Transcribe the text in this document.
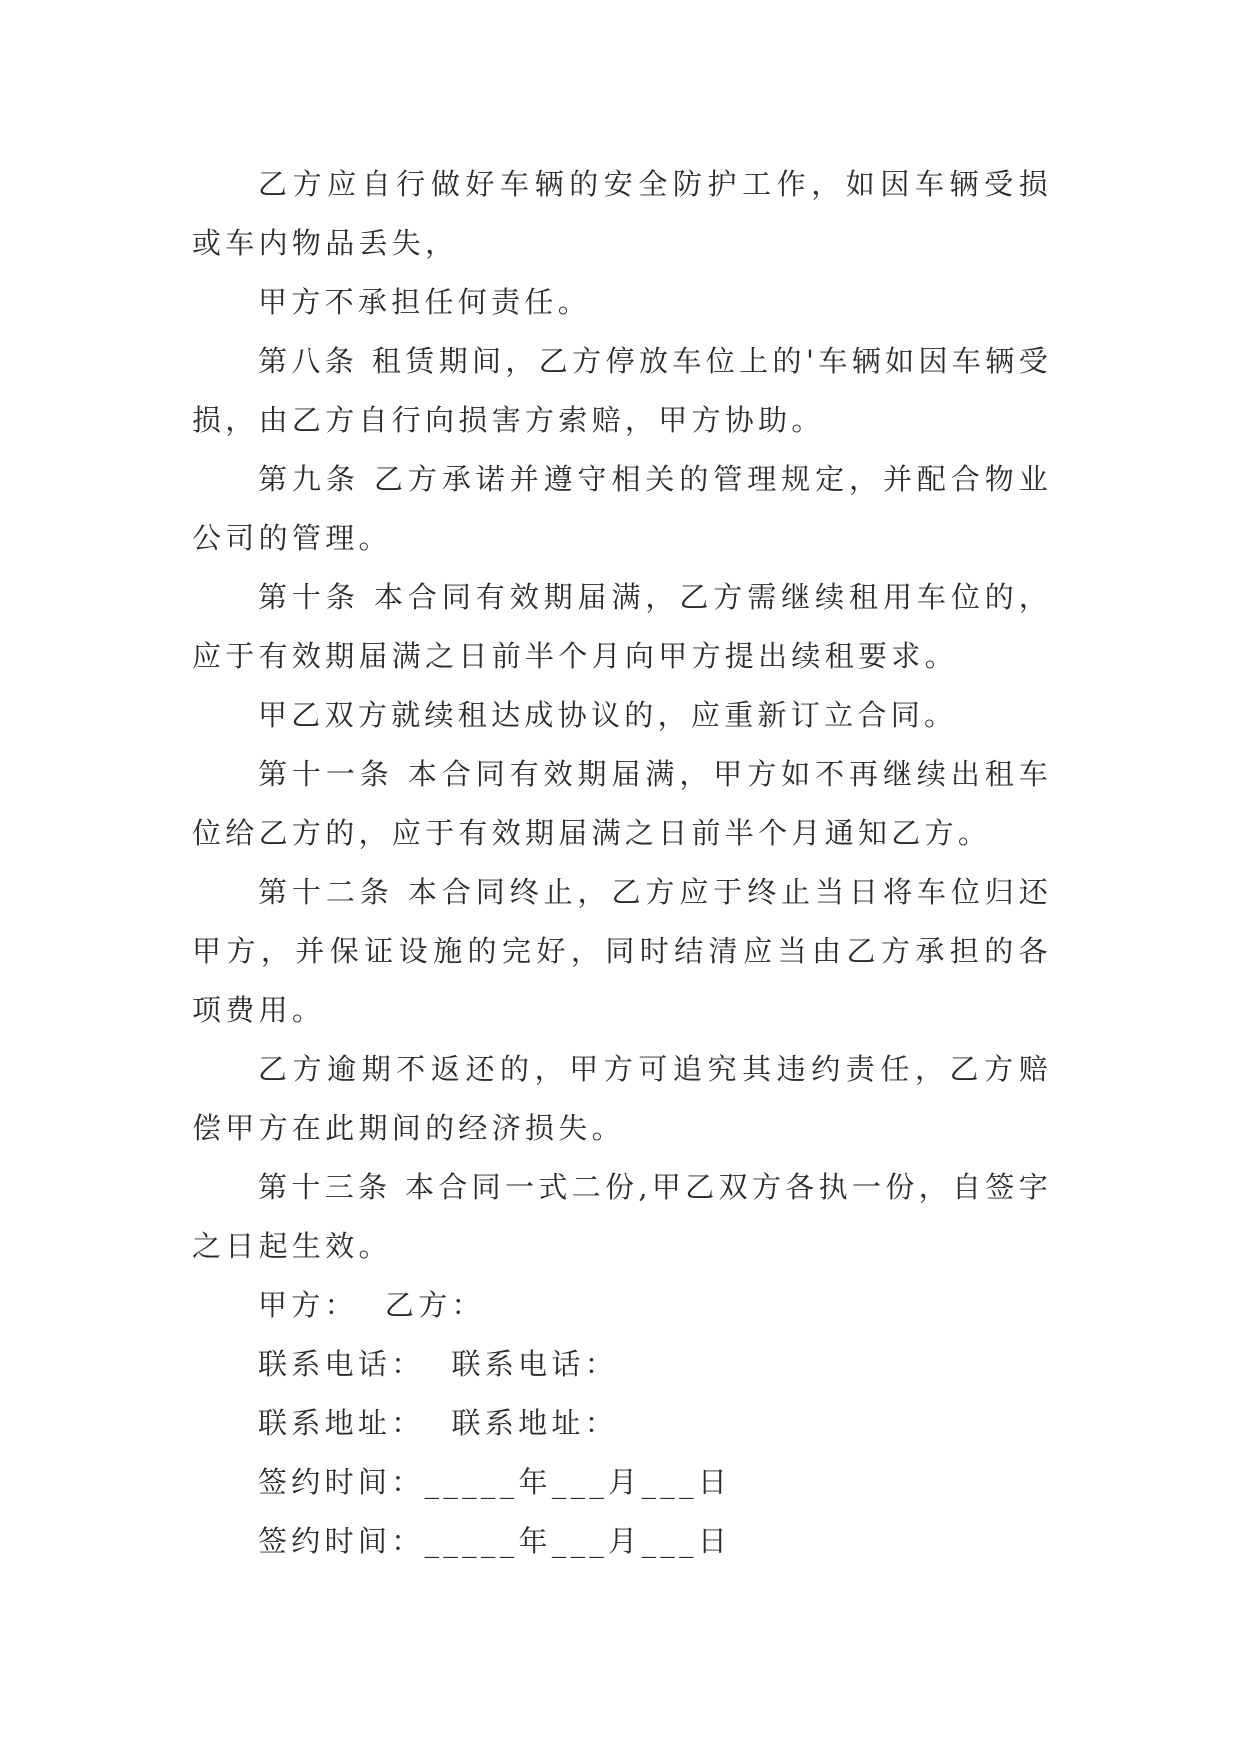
乙方应自行做好车辆的安全防护工作，如因车辆受损或车内物品丢失，

甲方不承担任何责任。

第八条 租赁期间，乙方停放车位上的'车辆如因车辆受损，由乙方自行向损害方索赔，甲方协助。

第九条 乙方承诺并遵守相关的管理规定，并配合物业公司的管理。

第十条 本合同有效期届满，乙方需继续租用车位的，应于有效期届满之日前半个月向甲方提出续租要求。

甲乙双方就续租达成协议的，应重新订立合同。

第十一条 本合同有效期届满，甲方如不再继续出租车位给乙方的，应于有效期届满之日前半个月通知乙方。

第十二条 本合同终止，乙方应于终止当日将车位归还甲方，并保证设施的完好，同时结清应当由乙方承担的各项费用。

乙方逾期不返还的，甲方可追究其违约责任，乙方赔偿甲方在此期间的经济损失。

第十三条 本合同一式二份,甲乙双方各执一份，自签字之日起生效。

甲方：  乙方：

联系电话：  联系电话：

联系地址：  联系地址：

签约时间：_____年___月___日

签约时间：_____年___月___日
